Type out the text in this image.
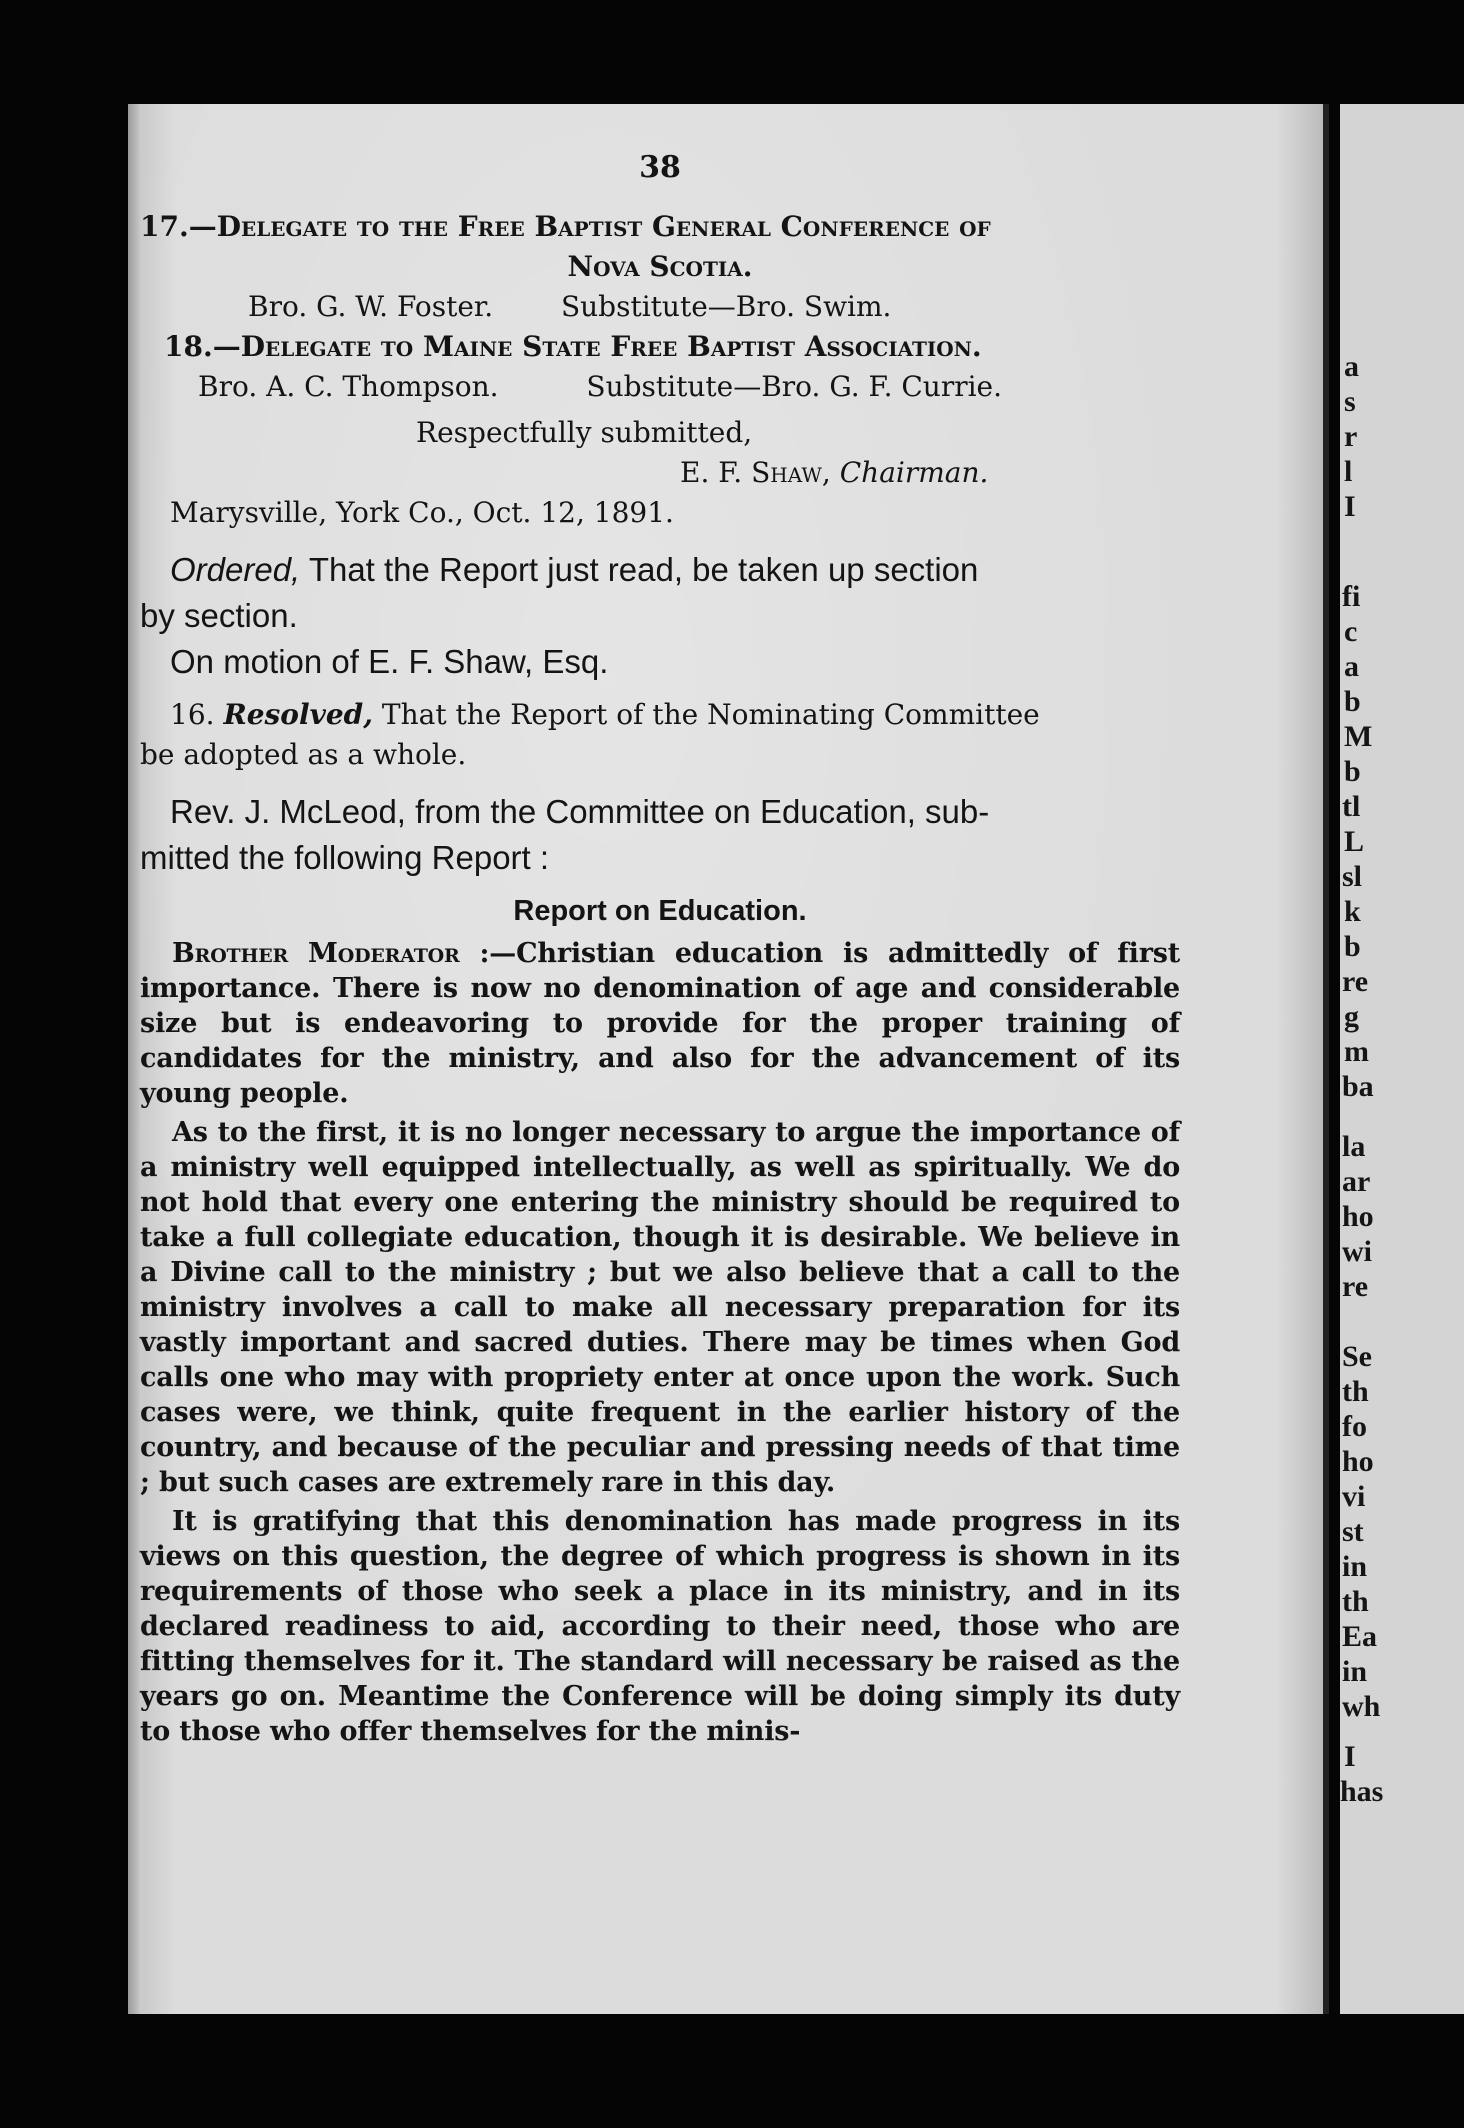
a
s
r
l
I
fi
c
a
b
M
b
tl
L
sl
k
b
re
g
m
ba
la
ar
ho
wi
re
Se
th
fo
ho
vi
st
in
th
Ea
in
wh
I
has
38
17.—Delegate to the Free Baptist General Conference of
Nova Scotia.
Bro. G. W. Foster. Substitute—Bro. Swim.
18.—Delegate to Maine State Free Baptist Association.
Bro. A. C. Thompson.	Substitute—Bro. G. F. Currie.
Respectfully submitted,
E. F. Shaw, Chairman.
Marysville, York Co., Oct. 12, 1891.
Ordered, That the Report just read, be taken up section
by section.
On motion of E. F. Shaw, Esq.
16. Resolved, That the Report of the Nominating Committee
be adopted as a whole.
Rev. J. McLeod, from the Committee on Education, sub-
mitted the following Report :
Report on Education.

Brother Moderator :—Christian education is admittedly of first importance. There is now no denomination of age and considerable size but is endeavoring to provide for the proper training of candidates for the ministry, and also for the advancement of its young people.

As to the first, it is no longer necessary to argue the importance of a ministry well equipped intellectually, as well as spiritually. We do not hold that every one entering the ministry should be required to take a full collegiate education, though it is desirable. We believe in a Divine call to the ministry ; but we also believe that a call to the ministry involves a call to make all necessary preparation for its vastly important and sacred duties. There may be times when God calls one who may with propriety enter at once upon the work. Such cases were, we think, quite frequent in the earlier history of the country, and because of the peculiar and pressing needs of that time ; but such cases are extremely rare in this day.

It is gratifying that this denomination has made progress in its views on this question, the degree of which progress is shown in its requirements of those who seek a place in its ministry, and in its declared readiness to aid, according to their need, those who are fitting themselves for it. The standard will necessary be raised as the years go on. Meantime the Conference will be doing simply its duty to those who offer themselves for the minis-
